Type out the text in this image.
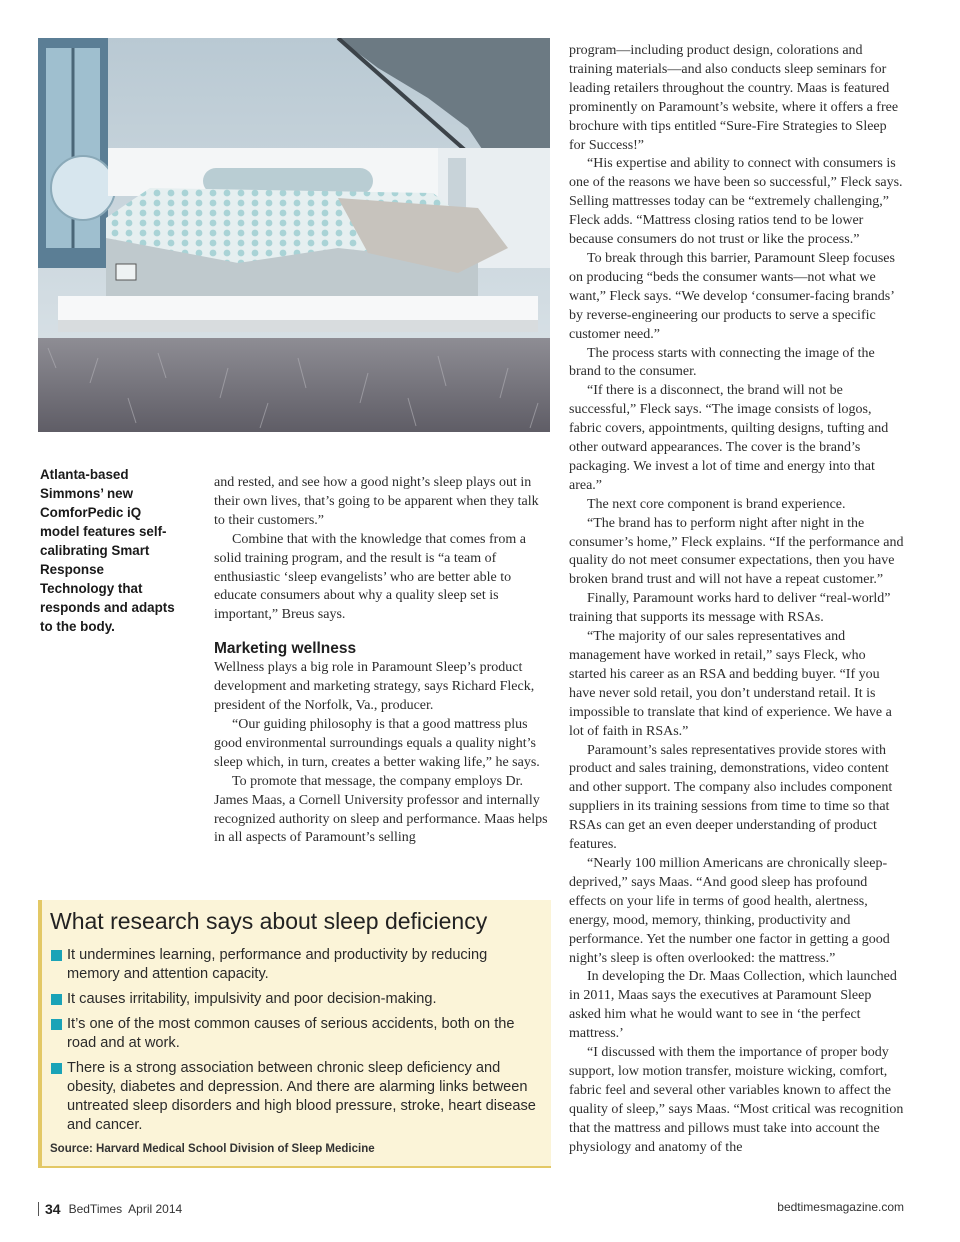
Atlanta-based Simmons’ new ComforPedic iQ model features self-calibrating Smart Response Technology that responds and adapts to the body.

and rested, and see how a good night’s sleep plays out in their own lives, that’s going to be apparent when they talk to their customers.”

Combine that with the knowledge that comes from a solid training program, and the result is “a team of enthusiastic ‘sleep evangelists’ who are better able to educate consumers about why a quality sleep set is important,” Breus says.

Marketing wellness

Wellness plays a big role in Paramount Sleep’s product development and marketing strategy, says Richard Fleck, president of the Norfolk, Va., producer.

“Our guiding philosophy is that a good mattress plus good environmental surroundings equals a quality night’s sleep which, in turn, creates a better waking life,” he says.

To promote that message, the company employs Dr. James Maas, a Cornell University professor and internally recognized authority on sleep and performance. Maas helps in all aspects of Paramount’s selling

program—including product design, colorations and training materials—and also conducts sleep seminars for leading retailers throughout the country. Maas is featured prominently on Paramount’s website, where it offers a free brochure with tips entitled “Sure-Fire Strategies to Sleep for Success!”

“His expertise and ability to connect with consumers is one of the reasons we have been so successful,” Fleck says. Selling mattresses today can be “extremely challenging,” Fleck adds. “Mattress closing ratios tend to be lower because consumers do not trust or like the process.”

To break through this barrier, Paramount Sleep focuses on producing “beds the consumer wants—not what we want,” Fleck says. “We develop ‘consumer-facing brands’ by reverse-engineering our products to serve a specific customer need.”

The process starts with connecting the image of the brand to the consumer.

“If there is a disconnect, the brand will not be successful,” Fleck says. “The image consists of logos, fabric covers, appointments, quilting designs, tufting and other outward appearances. The cover is the brand’s packaging. We invest a lot of time and energy into that area.”

The next core component is brand experience.

“The brand has to perform night after night in the consumer’s home,” Fleck explains. “If the performance and quality do not meet consumer expectations, then you have broken brand trust and will not have a repeat customer.”

Finally, Paramount works hard to deliver “real-world” training that supports its message with RSAs.

“The majority of our sales representatives and management have worked in retail,” says Fleck, who started his career as an RSA and bedding buyer. “If you have never sold retail, you don’t understand retail. It is impossible to translate that kind of experience. We have a lot of faith in RSAs.”

Paramount’s sales representatives provide stores with product and sales training, demonstrations, video content and other support. The company also includes component suppliers in its training sessions from time to time so that RSAs can get an even deeper understanding of product features.

“Nearly 100 million Americans are chronically sleep-deprived,” says Maas. “And good sleep has profound effects on your life in terms of good health, alertness, energy, mood, memory, thinking, productivity and performance. Yet the number one factor in getting a good night’s sleep is often overlooked: the mattress.”

In developing the Dr. Maas Collection, which launched in 2011, Maas says the executives at Paramount Sleep asked him what he would want to see in ‘the perfect mattress.’

“I discussed with them the importance of proper body support, low motion transfer, moisture wicking, comfort, fabric feel and several other variables known to affect the quality of sleep,” says Maas. “Most critical was recognition that the mattress and pillows must take into account the physiology and anatomy of the

What research says about sleep deficiency
It undermines learning, performance and productivity by reducing memory and attention capacity.
It causes irritability, impulsivity and poor decision-making.
It’s one of the most common causes of serious accidents, both on the road and at work.
There is a strong association between chronic sleep deficiency and obesity, diabetes and depression. And there are alarming links between untreated sleep disorders and high blood pressure, stroke, heart disease and cancer.
Source: Harvard Medical School Division of Sleep Medicine
34 BedTimes April 2014	bedtimesmagazine.com
